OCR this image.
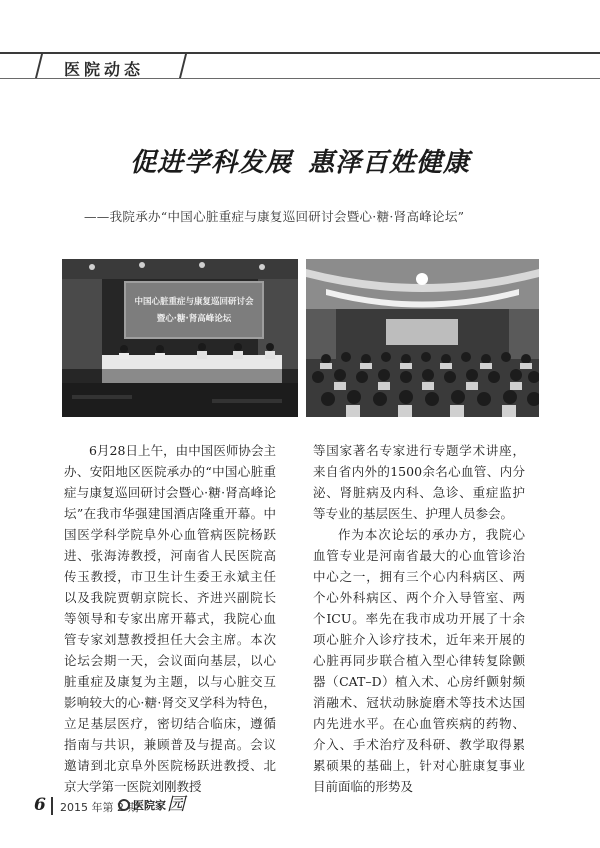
医院动态
促进学科发展 惠泽百姓健康
——我院承办“中国心脏重症与康复巡回研讨会暨心·糖·肾高峰论坛”
中国心脏重症与康复巡回研讨会
暨心·糖·肾高峰论坛

6月28日上午，由中国医师协会主办、安阳地区医院承办的“中国心脏重症与康复巡回研讨会暨心·糖·肾高峰论坛”在我市华强建国酒店隆重开幕。中国医学科学院阜外心血管病医院杨跃进、张海涛教授，河南省人民医院高传玉教授，市卫生计生委王永斌主任以及我院贾朝京院长、齐进兴副院长等领导和专家出席开幕式，我院心血管专家刘慧教授担任大会主席。本次论坛会期一天，会议面向基层，以心脏重症及康复为主题，以与心脏交互影响较大的心·糖·肾交叉学科为特色，立足基层医疗，密切结合临床，遵循指南与共识，兼顾普及与提高。会议邀请到北京阜外医院杨跃进教授、北京大学第一医院刘刚教授

等国家著名专家进行专题学术讲座，来自省内外的1500余名心血管、内分泌、肾脏病及内科、急诊、重症监护等专业的基层医生、护理人员参会。

作为本次论坛的承办方，我院心血管专业是河南省最大的心血管诊治中心之一，拥有三个心内科病区、两个心外科病区、两个介入导管室、两个ICU。率先在我市成功开展了十余项心脏介入诊疗技术，近年来开展的心脏再同步联合植入型心律转复除颤器（CAT–D）植入术、心房纤颤射频消融术、冠状动脉旋磨术等技术达国内先进水平。在心血管疾病的药物、介入、手术治疗及科研、教学取得累累硕果的基础上，针对心脏康复事业目前面临的形势及

6 2015 年第 2 期
医院家 园
